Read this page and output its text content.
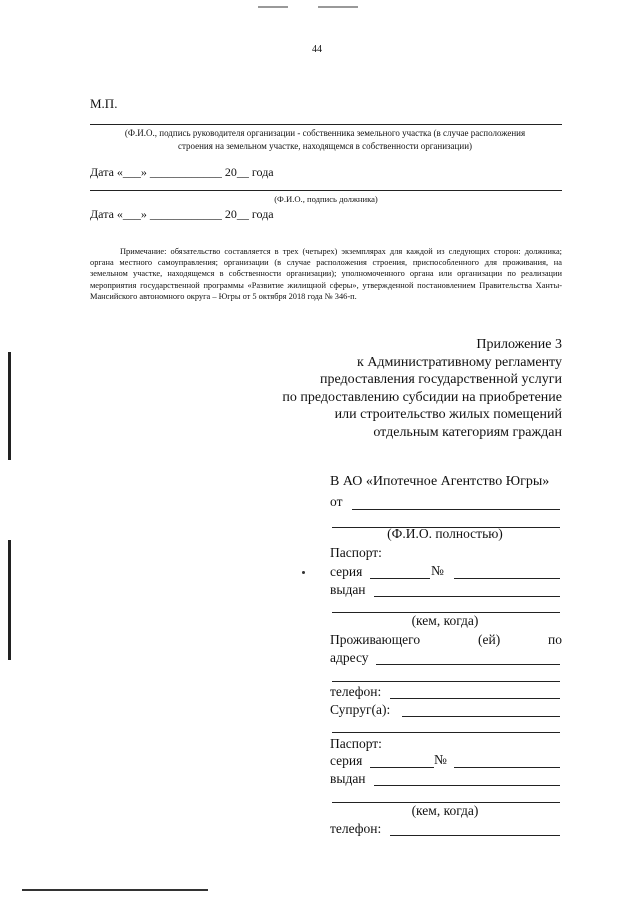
44
М.П.
(Ф.И.О., подпись руководителя организации - собственника земельного участка (в случае расположения
строения на земельном участке, находящемся в собственности организации)
Дата «___» ____________ 20__ года
(Ф.И.О., подпись должника)
Дата «___» ____________ 20__ года

Примечание: обязательство составляется в трех (четырех) экземплярах для каждой из следующих сторон: должника; органа местного самоуправления; организации (в случае расположения строения, приспособленного для проживания, на земельном участке, находящемся в собственности организации); уполномоченного органа или организации по реализации мероприятия государственной программы «Развитие жилищной сферы», утвержденной постановлением Правительства Ханты-Мансийского автономного округа – Югры от 5 октября 2018 года № 346-п.

Приложение 3
к Административному регламенту
предоставления государственной услуги
по предоставлению субсидии на приобретение
или строительство жилых помещений
отдельным категориям граждан
В АО «Ипотечное Агентство Югры»
от
(Ф.И.О. полностью)
Паспорт:
серия	№
выдан
(кем, когда)
Проживающего	(ей)	по
адресу
телефон:
Супруг(а):
Паспорт:
серия	№
выдан
(кем, когда)
телефон:
